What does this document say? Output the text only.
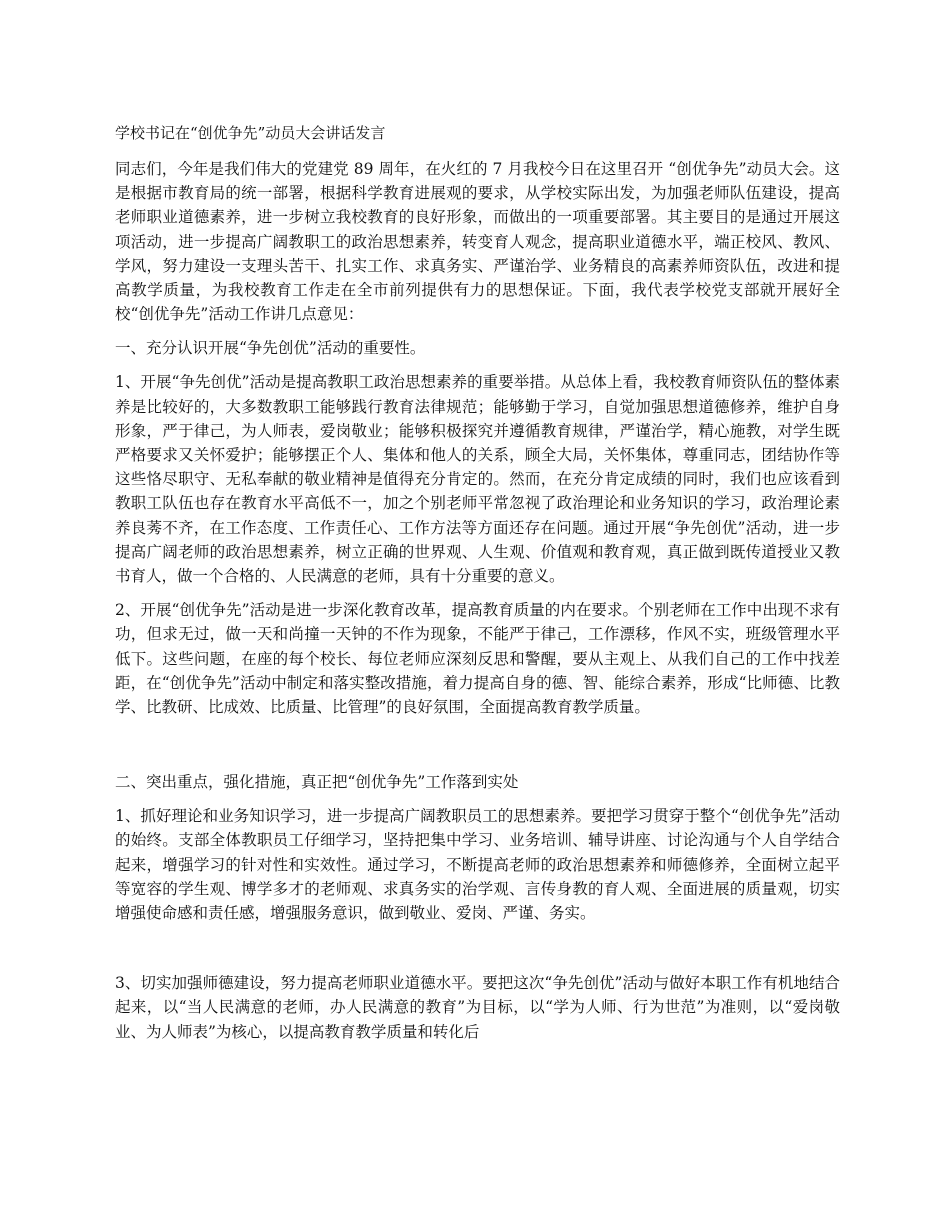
学校书记在“创优争先”动员大会讲话发言

同志们，今年是我们伟大的党建党 89 周年，在火红的 7 月我校今日在这里召开 “创优争先”动员大会。这是根据市教育局的统一部署，根据科学教育进展观的要求，从学校实际出发，为加强老师队伍建设，提高老师职业道德素养，进一步树立我校教育的良好形象，而做出的一项重要部署。其主要目的是通过开展这项活动，进一步提高广阔教职工的政治思想素养，转变育人观念，提高职业道德水平，端正校风、教风、学风，努力建设一支理头苦干、扎实工作、求真务实、严谨治学、业务精良的高素养师资队伍，改进和提高教学质量，为我校教育工作走在全市前列提供有力的思想保证。下面，我代表学校党支部就开展好全校“创优争先”活动工作讲几点意见：

一、充分认识开展“争先创优”活动的重要性。

1、开展“争先创优”活动是提高教职工政治思想素养的重要举措。从总体上看，我校教育师资队伍的整体素养是比较好的，大多数教职工能够践行教育法律规范；能够勤于学习，自觉加强思想道德修养，维护自身形象，严于律己，为人师表，爱岗敬业；能够积极探究并遵循教育规律，严谨治学，精心施教，对学生既严格要求又关怀爱护；能够摆正个人、集体和他人的关系，顾全大局，关怀集体，尊重同志，团结协作等这些恪尽职守、无私奉献的敬业精神是值得充分肯定的。然而，在充分肯定成绩的同时，我们也应该看到教职工队伍也存在教育水平高低不一，加之个别老师平常忽视了政治理论和业务知识的学习，政治理论素养良莠不齐，在工作态度、工作责任心、工作方法等方面还存在问题。通过开展“争先创优”活动，进一步提高广阔老师的政治思想素养，树立正确的世界观、人生观、价值观和教育观，真正做到既传道授业又教书育人，做一个合格的、人民满意的老师，具有十分重要的意义。

2、开展“创优争先”活动是进一步深化教育改革，提高教育质量的内在要求。个别老师在工作中出现不求有功，但求无过，做一天和尚撞一天钟的不作为现象，不能严于律己，工作漂移，作风不实，班级管理水平低下。这些问题，在座的每个校长、每位老师应深刻反思和警醒，要从主观上、从我们自己的工作中找差距，在“创优争先”活动中制定和落实整改措施，着力提高自身的德、智、能综合素养，形成“比师德、比教学、比教研、比成效、比质量、比管理”的良好氛围，全面提高教育教学质量。

二、突出重点，强化措施，真正把“创优争先”工作落到实处

1、抓好理论和业务知识学习，进一步提高广阔教职员工的思想素养。要把学习贯穿于整个“创优争先”活动的始终。支部全体教职员工仔细学习，坚持把集中学习、业务培训、辅导讲座、讨论沟通与个人自学结合起来，增强学习的针对性和实效性。通过学习，不断提高老师的政治思想素养和师德修养，全面树立起平等宽容的学生观、博学多才的老师观、求真务实的治学观、言传身教的育人观、全面进展的质量观，切实增强使命感和责任感，增强服务意识，做到敬业、爱岗、严谨、务实。

3、切实加强师德建设，努力提高老师职业道德水平。要把这次“争先创优”活动与做好本职工作有机地结合起来，以“当人民满意的老师，办人民满意的教育”为目标，以“学为人师、行为世范”为准则，以“爱岗敬业、为人师表”为核心，以提高教育教学质量和转化后
